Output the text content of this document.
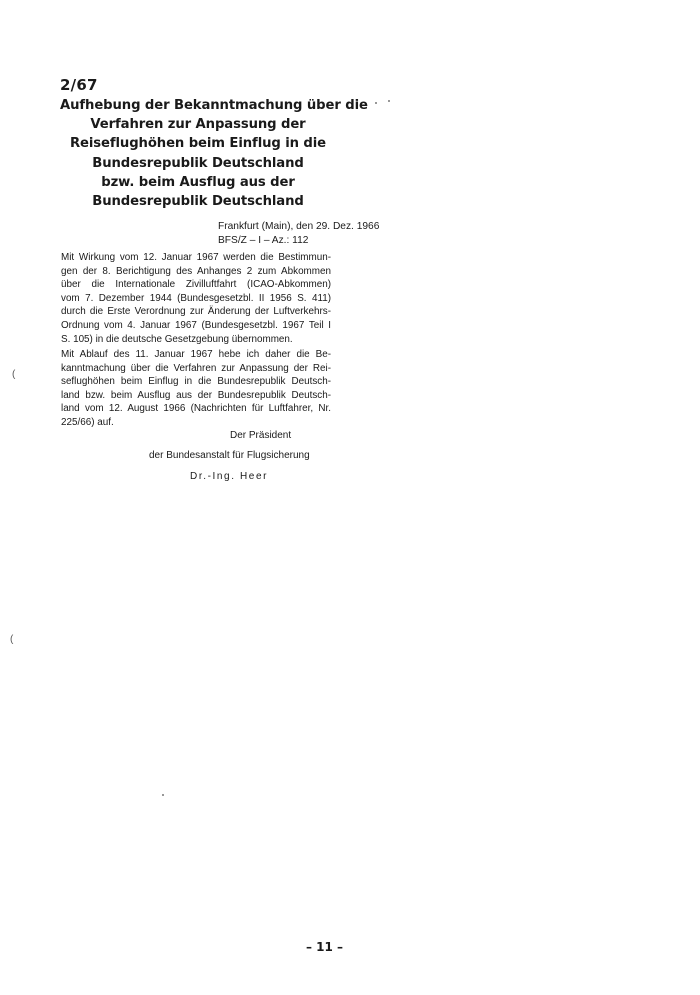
2/67
Aufhebung der Bekanntmachung über die
Verfahren zur Anpassung der
Reiseflughöhen beim Einflug in die
Bundesrepublik Deutschland
bzw. beim Ausflug aus der
Bundesrepublik Deutschland
Frankfurt (Main), den 29. Dez. 1966
BFS/Z – I – Az.: 112
Mit Wirkung vom 12. Januar 1967 werden die Bestimmun-
gen der 8. Berichtigung des Anhanges 2 zum Abkommen
über die Internationale Zivilluftfahrt (ICAO-Abkommen)
vom 7. Dezember 1944 (Bundesgesetzbl. II 1956 S. 411)
durch die Erste Verordnung zur Änderung der Luftverkehrs-
Ordnung vom 4. Januar 1967 (Bundesgesetzbl. 1967 Teil I
S. 105) in die deutsche Gesetzgebung übernommen.
Mit Ablauf des 11. Januar 1967 hebe ich daher die Be-
kanntmachung über die Verfahren zur Anpassung der Rei-
seflughöhen beim Einflug in die Bundesrepublik Deutsch-
land bzw. beim Ausflug aus der Bundesrepublik Deutsch-
land vom 12. August 1966 (Nachrichten für Luftfahrer, Nr.
225/66) auf.
Der Präsident
der Bundesanstalt für Flugsicherung
Dr.-Ing. Heer
– 11 –
(
(
